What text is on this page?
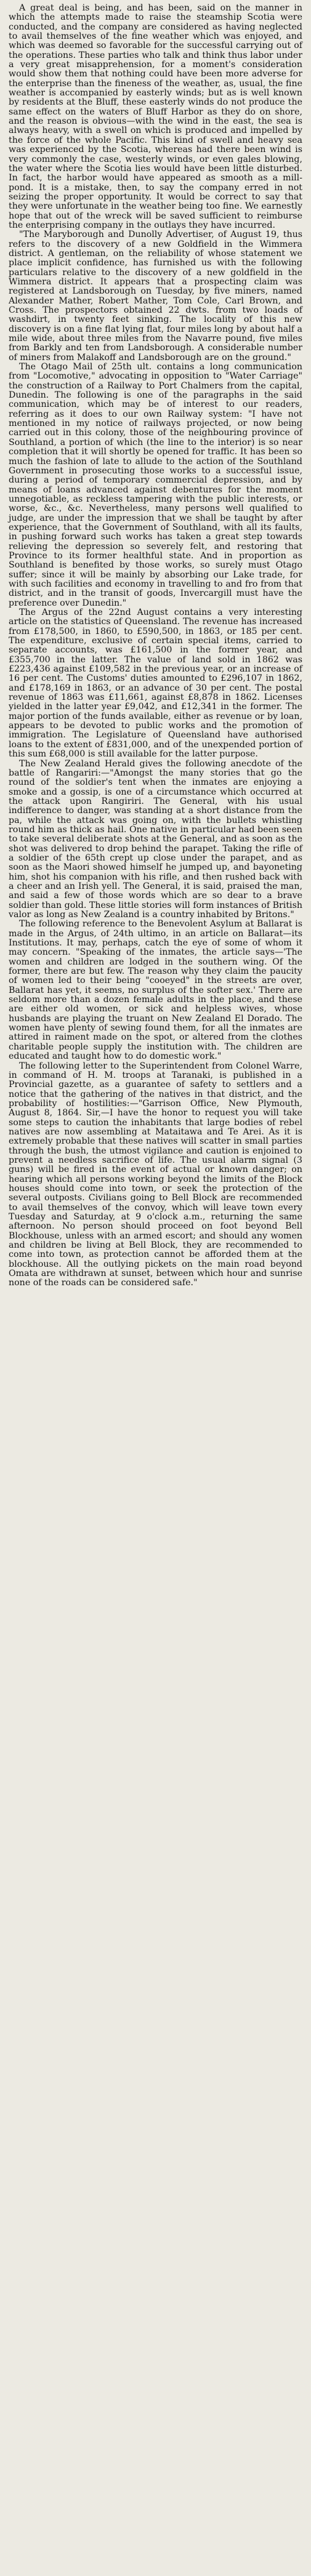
A great deal is being, and has been, said on the manner in which the attempts made to raise the steamship Scotia were conducted, and the company are considered as having neglected to avail themselves of the fine weather which was enjoyed, and which was deemed so favorable for the successful carrying out of the operations. These parties who talk and think thus labor under a very great misapprehension, for a moment's consideration would show them that nothing could have been more adverse for the enterprise than the fineness of the weather, as, usual, the fine weather is accompanied by easterly winds; but as is well known by residents at the Bluff, these easterly winds do not produce the same effect on the waters of Bluff Harbor as they do on shore, and the reason is obvious—with the wind in the east, the sea is always heavy, with a swell on which is produced and impelled by the force of the whole Pacific. This kind of swell and heavy sea was experienced by the Scotia, whereas had there been wind is very commonly the case, westerly winds, or even gales blowing, the water where the Scotia lies would have been little disturbed. In fact, the harbor would have appeared as smooth as a mill-pond. It is a mistake, then, to say the company erred in not seizing the proper opportunity. It would be correct to say that they were unfortunate in the weather being too fine. We earnestly hope that out of the wreck will be saved sufficient to reimburse the enterprising company in the outlays they have incurred.

"The Maryborough and Dunolly Advertiser, of August 19, thus refers to the discovery of a new Goldfield in the Wimmera district. A gentleman, on the reliability of whose statement we place implicit confidence, has furnished us with the following particulars relative to the discovery of a new goldfield in the Wimmera district. It appears that a prospecting claim was registered at Landsborough on Tuesday, by five miners, named Alexander Mather, Robert Mather, Tom Cole, Carl Brown, and Cross. The prospectors obtained 22 dwts. from two loads of washdirt, in twenty feet sinking. The locality of this new discovery is on a fine flat lying flat, four miles long by about half a mile wide, about three miles from the Navarre pound, five miles from Barkly and ten from Landsborough. A considerable number of miners from Malakoff and Landsborough are on the ground."

The Otago Mail of 25th ult. contains a long communication from "Locomotive," advocating in opposition to "Water Carriage" the construction of a Railway to Port Chalmers from the capital, Dunedin. The following is one of the paragraphs in the said communication, which may be of interest to our readers, referring as it does to our own Railway system: "I have not mentioned in my notice of railways projected, or now being carried out in this colony, those of the neighbouring province of Southland, a portion of which (the line to the interior) is so near completion that it will shortly be opened for traffic. It has been so much the fashion of late to allude to the action of the Southland Government in prosecuting those works to a successful issue, during a period of temporary commercial depression, and by means of loans advanced against debentures for the moment unnegotiable, as reckless tampering with the public interests, or worse, &c., &c. Nevertheless, many persons well qualified to judge, are under the impression that we shall be taught by after experience, that the Government of Southland, with all its faults, in pushing forward such works has taken a great step towards relieving the depression so severely felt, and restoring that Province to its former healthful state. And in proportion as Southland is benefited by those works, so surely must Otago suffer; since it will be mainly by absorbing our Lake trade, for with such facilities and economy in travelling to and fro from that district, and in the transit of goods, Invercargill must have the preference over Dunedin."

The Argus of the 22nd August contains a very interesting article on the statistics of Queensland. The revenue has increased from £178,500, in 1860, to £590,500, in 1863, or 185 per cent. The expenditure, exclusive of certain special items, carried to separate accounts, was £161,500 in the former year, and £355,700 in the latter. The value of land sold in 1862 was £223,436 against £109,582 in the previous year, or an increase of 16 per cent. The Customs' duties amounted to £296,107 in 1862, and £178,169 in 1863, or an advance of 30 per cent. The postal revenue of 1863 was £11,661, against £8,878 in 1862. Licenses yielded in the latter year £9,042, and £12,341 in the former. The major portion of the funds available, either as revenue or by loan, appears to be devoted to public works and the promotion of immigration. The Legislature of Queensland have authorised loans to the extent of £831,000, and of the unexpended portion of this sum £68,000 is still available for the latter purpose.

The New Zealand Herald gives the following anecdote of the battle of Rangariri:—"Amongst the many stories that go the round of the soldier's tent when the inmates are enjoying a smoke and a gossip, is one of a circumstance which occurred at the attack upon Rangiriri. The General, with his usual indifference to danger, was standing at a short distance from the pa, while the attack was going on, with the bullets whistling round him as thick as hail. One native in particular had been seen to take several deliberate shots at the General, and as soon as the shot was delivered to drop behind the parapet. Taking the rifle of a soldier of the 65th crept up close under the parapet, and as soon as the Maori showed himself he jumped up, and bayoneting him, shot his companion with his rifle, and then rushed back with a cheer and an Irish yell. The General, it is said, praised the man, and said a few of those words which are so dear to a brave soldier than gold. These little stories will form instances of British valor as long as New Zealand is a country inhabited by Britons."

The following reference to the Benevolent Asylum at Ballarat is made in the Argus, of 24th ultimo, in an article on Ballarat—its Institutions. It may, perhaps, catch the eye of some of whom it may concern. "Speaking of the inmates, the article says—'The women and children are lodged in the southern wing. Of the former, there are but few. The reason why they claim the paucity of women led to their being "cooeyed" in the streets are over, Ballarat has yet, it seems, no surplus of the softer sex.' There are seldom more than a dozen female adults in the place, and these are either old women, or sick and helpless wives, whose husbands are playing the truant on New Zealand El Dorado. The women have plenty of sewing found them, for all the inmates are attired in raiment made on the spot, or altered from the clothes charitable people supply the institution with. The children are educated and taught how to do domestic work."

The following letter to the Superintendent from Colonel Warre, in command of H. M. troops at Taranaki, is published in a Provincial gazette, as a guarantee of safety to settlers and a notice that the gathering of the natives in that district, and the probability of hostilities:—"Garrison Office, New Plymouth, August 8, 1864. Sir,—I have the honor to request you will take some steps to caution the inhabitants that large bodies of rebel natives are now assembling at Mataitawa and Te Arei. As it is extremely probable that these natives will scatter in small parties through the bush, the utmost vigilance and caution is enjoined to prevent a needless sacrifice of life. The usual alarm signal (3 guns) will be fired in the event of actual or known danger; on hearing which all persons working beyond the limits of the Block houses should come into town, or seek the protection of the several outposts. Civilians going to Bell Block are recommended to avail themselves of the convoy, which will leave town every Tuesday and Saturday, at 9 o'clock a.m., returning the same afternoon. No person should proceed on foot beyond Bell Blockhouse, unless with an armed escort; and should any women and children be living at Bell Block, they are recommended to come into town, as protection cannot be afforded them at the blockhouse. All the outlying pickets on the main road beyond Omata are withdrawn at sunset, between which hour and sunrise none of the roads can be considered safe."
